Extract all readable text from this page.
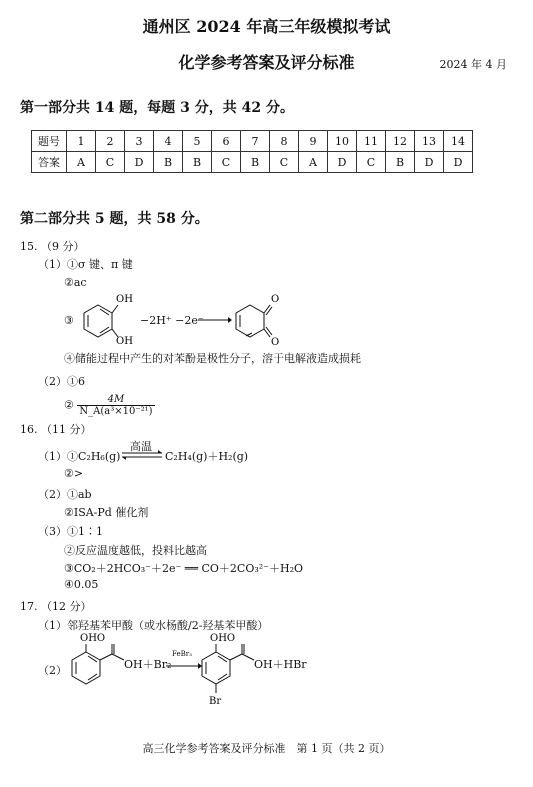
通州区 2024 年高三年级模拟考试
化学参考答案及评分标准	2024 年 4 月
第一部分共 14 题，每题 3 分，共 42 分。
题号	1	2	3	4	5	6	7	8	9	10	11	12	13	14
答案	A	C	D	B	B	C	B	C	A	D	C	B	D	D
第二部分共 5 题，共 58 分。
15. （9 分）
（1）①σ 键、π 键
②ac
③
OH
OH
−2H⁺ −2e⁻
O
O
④储能过程中产生的对苯酚是极性分子，溶于电解液造成损耗
（2）①6
② $\frac{4M}{\text{N\_A(a³×10⁻²¹)}}$
16. （11 分）
（1）①C₂H₆(g)
高温
⇌ C₂H₄(g)＋H₂(g)
②>
（2）①ab
②ISA-Pd 催化剂
（3）①1∶1
②反应温度越低，投料比越高
③CO₂＋2HCO₃⁻＋2e⁻ ══ CO＋2CO₃²⁻＋H₂O
④0.05
17. （12 分）
（1）邻羟基苯甲酸（或水杨酸/2-羟基苯甲酸）
（2）
OHO
OH＋Br₂
FeBr₃
OHO
Br
OH＋HBr
高三化学参考答案及评分标准　第 1 页（共 2 页）
